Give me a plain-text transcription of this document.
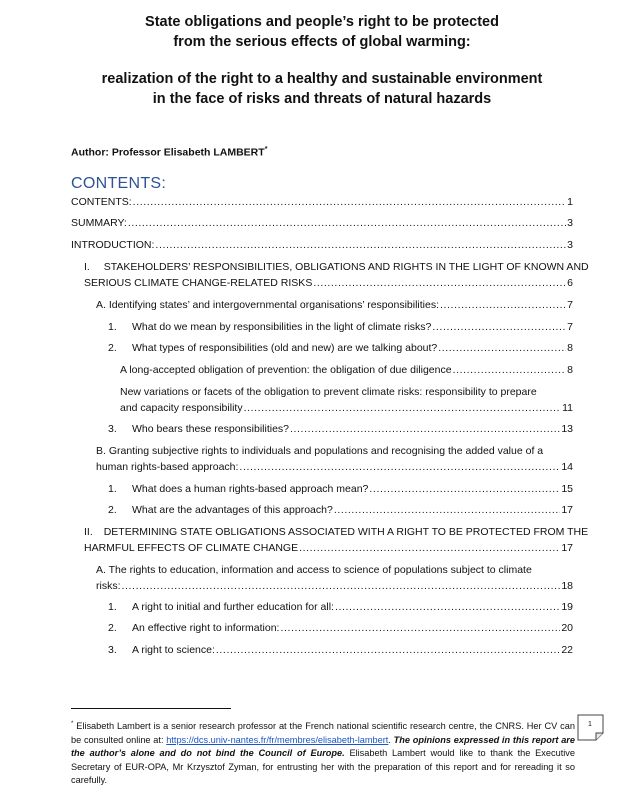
State obligations and people’s right to be protected
from the serious effects of global warming:
realization of the right to a healthy and sustainable environment
in the face of risks and threats of natural hazards
Author: Professor Elisabeth LAMBERT*
CONTENTS:
CONTENTS: .....	1
SUMMARY: .....	3
INTRODUCTION: .....	3
I. STAKEHOLDERS’ RESPONSIBILITIES, OBLIGATIONS AND RIGHTS IN THE LIGHT OF KNOWN AND
SERIOUS CLIMATE CHANGE-RELATED RISKS .....	6
A. Identifying states’ and intergovernmental organisations’ responsibilities: .....	7
1.	What do we mean by responsibilities in the light of climate risks? .....	7
2.	What types of responsibilities (old and new) are we talking about? .....	8
A long-accepted obligation of prevention: the obligation of due diligence .....	8
New variations or facets of the obligation to prevent climate risks: responsibility to prepare
and capacity responsibility .....	11
3.	Who bears these responsibilities? .....	13
B. Granting subjective rights to individuals and populations and recognising the added value of a
human rights-based approach: .....	14
1.	What does a human rights-based approach mean? .....	15
2.	What are the advantages of this approach? .....	17
II. DETERMINING STATE OBLIGATIONS ASSOCIATED WITH A RIGHT TO BE PROTECTED FROM THE
HARMFUL EFFECTS OF CLIMATE CHANGE .....	17
A. The rights to education, information and access to science of populations subject to climate
risks: .....	18
1.	A right to initial and further education for all: .....	19
2.	An effective right to information: .....	20
3.	A right to science: .....	22
* Elisabeth Lambert is a senior research professor at the French national scientific research centre, the CNRS. Her CV can be consulted online at: https://dcs.univ-nantes.fr/fr/membres/elisabeth-lambert. The opinions expressed in this report are the author’s alone and do not bind the Council of Europe. Elisabeth Lambert would like to thank the Executive Secretary of EUR-OPA, Mr Krzysztof Zyman, for entrusting her with the preparation of this report and for rereading it so carefully.
1
